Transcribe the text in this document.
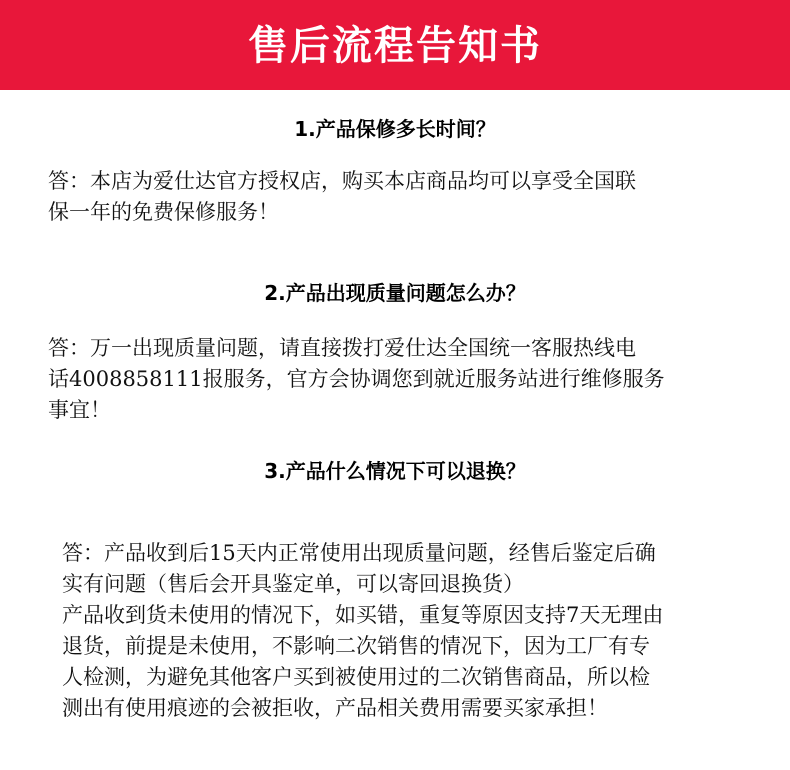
售后流程告知书
1.产品保修多长时间？
答：本店为爱仕达官方授权店，购买本店商品均可以享受全国联
保一年的免费保修服务！
2.产品出现质量问题怎么办？
答：万一出现质量问题，请直接拨打爱仕达全国统一客服热线电
话4008858111报服务，官方会协调您到就近服务站进行维修服务
事宜！
3.产品什么情况下可以退换？
答：产品收到后15天内正常使用出现质量问题，经售后鉴定后确
实有问题（售后会开具鉴定单，可以寄回退换货）
产品收到货未使用的情况下，如买错，重复等原因支持7天无理由
退货，前提是未使用，不影响二次销售的情况下，因为工厂有专
人检测，为避免其他客户买到被使用过的二次销售商品，所以检
测出有使用痕迹的会被拒收，产品相关费用需要买家承担！
